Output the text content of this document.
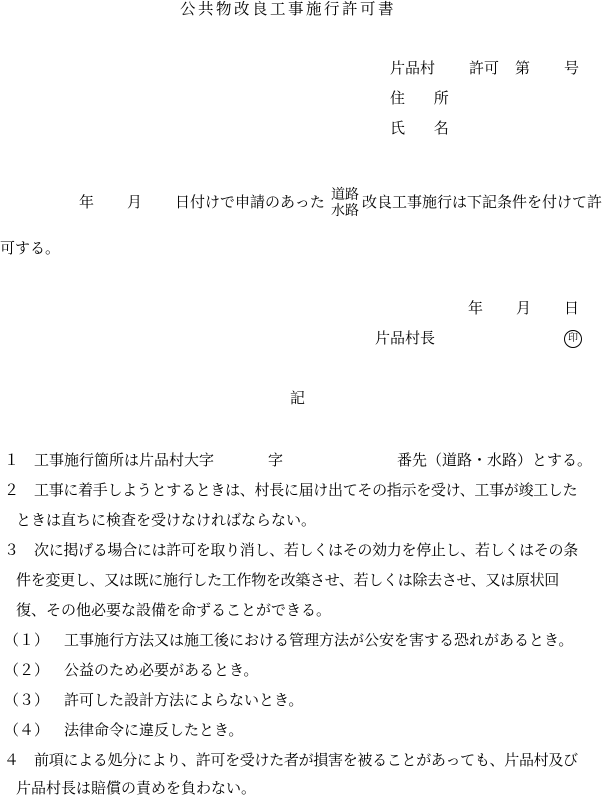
公共物改良工事施行許可書
片品村 許可 第 号
住 所
氏 名
年 月 日付けで申請のあった 道路
水路 改良工事施行は下記条件を付けて許
可する。
年 月 日
片品村長	印
記
１ 工事施行箇所は片品村大字	字	番先（道路・水路）とする。
２ 工事に着手しようとするときは、村長に届け出てその指示を受け、工事が竣工した
ときは直ちに検査を受けなければならない。
３ 次に掲げる場合には許可を取り消し、若しくはその効力を停止し、若しくはその条
件を変更し、又は既に施行した工作物を改築させ、若しくは除去させ、又は原状回
復、その他必要な設備を命ずることができる。
（１） 工事施行方法又は施工後における管理方法が公安を害する恐れがあるとき。
（２） 公益のため必要があるとき。
（３） 許可した設計方法によらないとき。
（４） 法律命令に違反したとき。
４ 前項による処分により、許可を受けた者が損害を被ることがあっても、片品村及び
片品村長は賠償の責めを負わない。
